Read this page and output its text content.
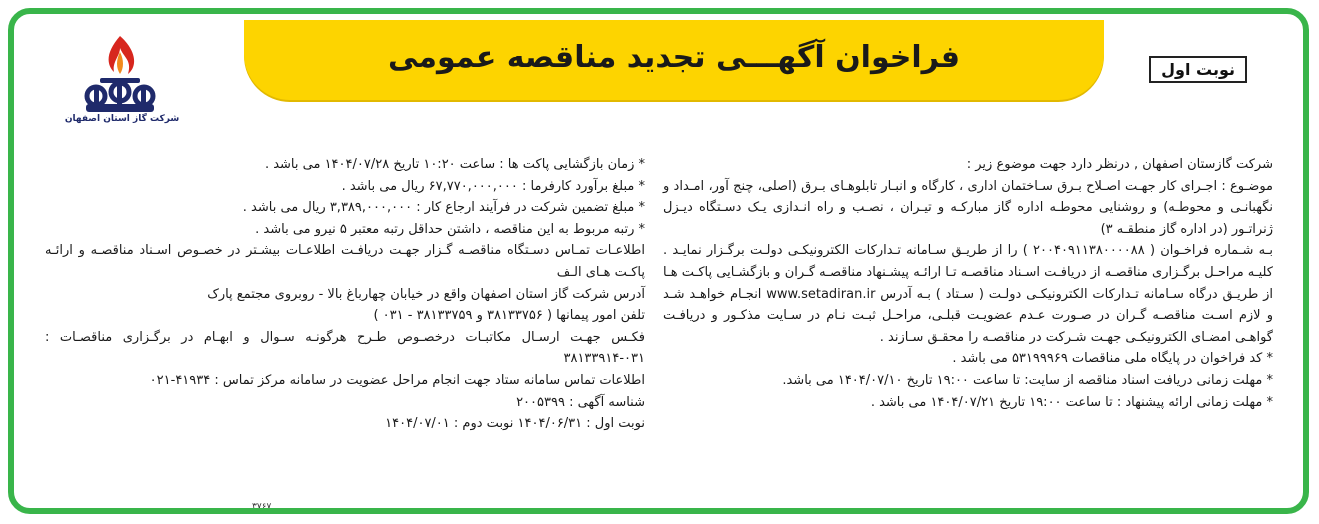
فراخوان آگهـــی تجدید مناقصه عمومی
شرکت گاز استان اصفهان
نوبت اول

شرکت گازستان اصفهان , درنظر دارد جهت موضوع زیر :

موضـوع : اجـرای کار جهـت اصـلاح بـرق سـاختمان اداری ، کارگاه و انبـار تابلوهـای بـرق (اصلی، چنج آور، امـداد و نگهبانـی و محوطـه) و روشنایی محوطـه اداره گاز مبارکـه و تیـران ، نصـب و راه انـدازی یـک دسـتگاه دیـزل ژنراتـور (در اداره گاز منطقـه ۳)

بـه شـماره فراخـوان ( ۲۰۰۴۰۹۱۱۳۸۰۰۰۰۸۸ ) را از طریـق سـامانه تـدارکات الکترونیکـی دولـت برگـزار نمایـد . کلیـه مراحـل برگـزاری مناقصـه از دریافـت اسـناد مناقصـه تـا ارائـه پیشـنهاد مناقصـه گـران و بازگشـایی پاکـت هـا از طریـق درگاه سـامانه تـدارکات الکترونیکـی دولـت ( سـتاد ) بـه آدرس www.setadiran.ir انجـام خواهـد شـد و لازم اسـت مناقصـه گـران در صـورت عـدم عضویـت قبلـی، مراحـل ثبـت نـام در سـایت مذکـور و دریافـت گواهـی امضـای الکترونیکـی جهـت شـرکت در مناقصـه را محقـق سـازند .

* کد فراخوان در پایگاه ملی مناقصات ۵۳۱۹۹۹۶۹ می باشد .

* مهلت زمانی دریافت اسناد مناقصه از سایت: تا ساعت ۱۹:۰۰ تاریخ ۱۴۰۴/۰۷/۱۰ می باشد.

* مهلت زمانی ارائه پیشنهاد : تا ساعت ۱۹:۰۰ تاریخ ۱۴۰۴/۰۷/۲۱ می باشد .

* زمان بازگشایی پاکت ها : ساعت ۱۰:۲۰ تاریخ ۱۴۰۴/۰۷/۲۸ می باشد .

* مبلغ برآورد کارفرما : ۶۷,۷۷۰,۰۰۰,۰۰۰ ریال می باشد .

* مبلغ تضمین شرکت در فرآیند ارجاع کار : ۳,۳۸۹,۰۰۰,۰۰۰ ریال می باشد .

* رتبه مربوط به این مناقصه ، داشتن حداقل رتبه معتبر ۵ نیرو می باشد .

اطلاعـات تمـاس دسـتگاه مناقصـه گـزار جهـت دریافـت اطلاعـات بیشـتر در خصـوص اسـناد مناقصـه و ارائـه پاکـت هـای الـف

آدرس شرکت گاز استان اصفهان واقع در خیابان چهارباغ بالا - روبروی مجتمع پارک

تلفن امور پیمانها ( ۳۸۱۳۳۷۵۶ و ۳۸۱۳۳۷۵۹ - ۰۳۱ )

فکـس جهـت ارسـال مکاتبـات درخصـوص طـرح هرگونـه سـوال و ابهـام در برگـزاری مناقصـات : ۰۳۱-۳۸۱۳۳۹۱۴

اطلاعات تماس سامانه ستاد جهت انجام مراحل عضویت در سامانه مرکز تماس : ۴۱۹۳۴-۰۲۱

شناسه آگهی : ۲۰۰۵۳۹۹

نوبت اول : ۱۴۰۴/۰۶/۳۱ نوبت دوم : ۱۴۰۴/۰۷/۰۱

۳۷۶۷
